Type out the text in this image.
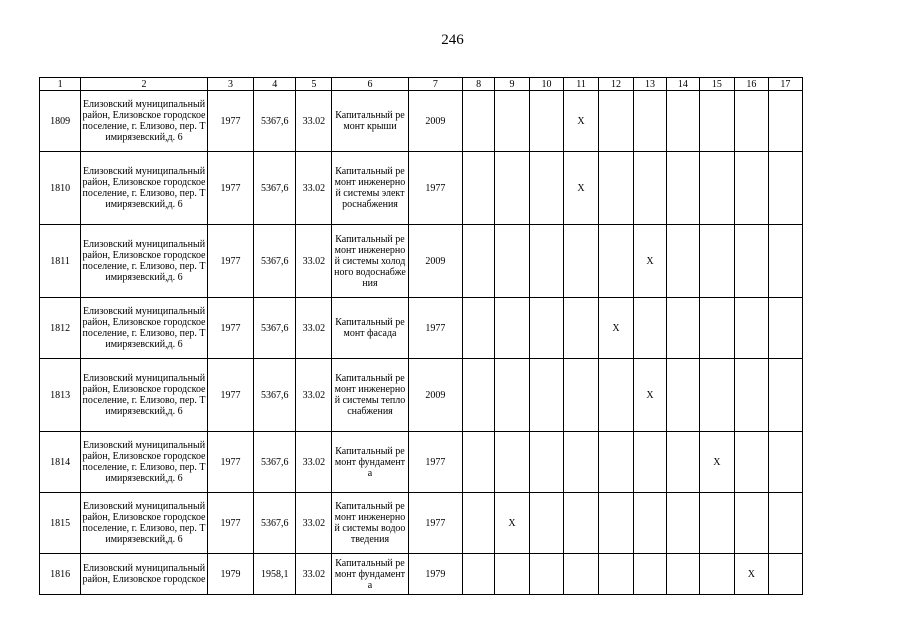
246
1	2	3	4	5	6	7	8	9	10	11	12	13	14	15	16	17
1809	Елизовский муниципальный район, Елизовское городское поселение, г. Елизово, пер. Тимирязевский,д. 6	1977	5367,6	33.02	Капитальный ремонт крыши	2009				X						
1810	Елизовский муниципальный район, Елизовское городское поселение, г. Елизово, пер. Тимирязевский,д. 6	1977	5367,6	33.02	Капитальный ремонт инженерной системы электроснабжения	1977				X						
1811	Елизовский муниципальный район, Елизовское городское поселение, г. Елизово, пер. Тимирязевский,д. 6	1977	5367,6	33.02	Капитальный ремонт инженерной системы холодного водоснабжения	2009						X				
1812	Елизовский муниципальный район, Елизовское городское поселение, г. Елизово, пер. Тимирязевский,д. 6	1977	5367,6	33.02	Капитальный ремонт фасада	1977					X					
1813	Елизовский муниципальный район, Елизовское городское поселение, г. Елизово, пер. Тимирязевский,д. 6	1977	5367,6	33.02	Капитальный ремонт инженерной системы теплоснабжения	2009						X				
1814	Елизовский муниципальный район, Елизовское городское поселение, г. Елизово, пер. Тимирязевский,д. 6	1977	5367,6	33.02	Капитальный ремонт фундамента	1977								X		
1815	Елизовский муниципальный район, Елизовское городское поселение, г. Елизово, пер. Тимирязевский,д. 6	1977	5367,6	33.02	Капитальный ремонт инженерной системы водоотведения	1977		X								
1816	Елизовский муниципальный район, Елизовское городское	1979	1958,1	33.02	Капитальный ремонт фундамента	1979									X	
